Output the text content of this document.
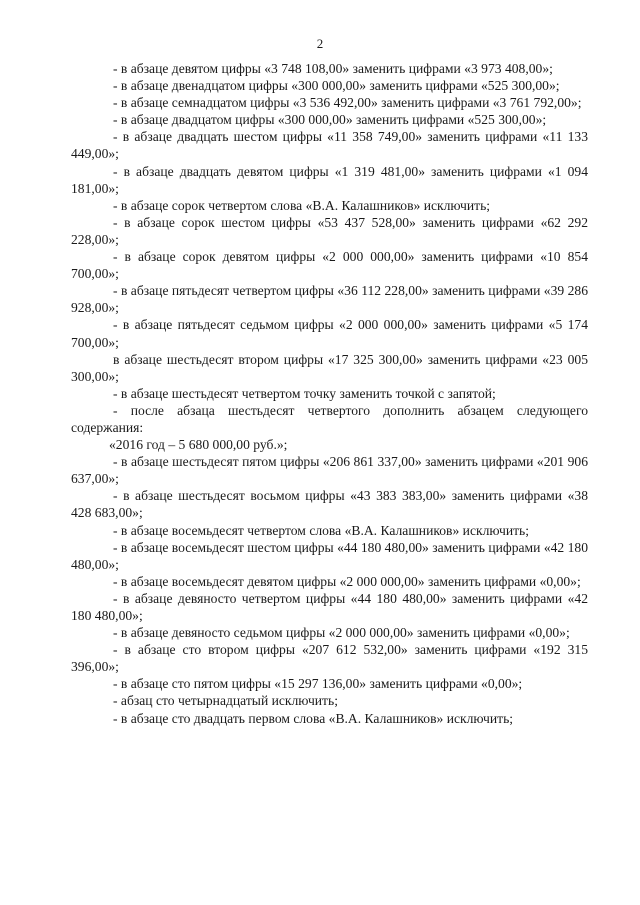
2

- в абзаце девятом цифры «3 748 108,00» заменить цифрами «3 973 408,00»;

- в абзаце двенадцатом цифры «300 000,00» заменить цифрами «525 300,00»;

- в абзаце семнадцатом цифры «3 536 492,00» заменить цифрами «3 761 792,00»;

- в абзаце двадцатом цифры «300 000,00» заменить цифрами «525 300,00»;

- в абзаце двадцать шестом цифры «11 358 749,00» заменить цифрами «11 133 449,00»;

- в абзаце двадцать девятом цифры «1 319 481,00» заменить цифрами «1 094 181,00»;

- в абзаце сорок четвертом слова «В.А. Калашников» исключить;

- в абзаце сорок шестом цифры «53 437 528,00» заменить цифрами «62 292 228,00»;

- в абзаце сорок девятом цифры «2 000 000,00» заменить цифрами «10 854 700,00»;

- в абзаце пятьдесят четвертом цифры «36 112 228,00» заменить цифрами «39 286 928,00»;

- в абзаце пятьдесят седьмом цифры «2 000 000,00» заменить цифрами «5 174 700,00»;

в абзаце шестьдесят втором цифры «17 325 300,00» заменить цифрами «23 005 300,00»;

- в абзаце шестьдесят четвертом точку заменить точкой с запятой;

- после абзаца шестьдесят четвертого дополнить абзацем следующего содержания:

«2016 год – 5 680 000,00 руб.»;

- в абзаце шестьдесят пятом цифры «206 861 337,00» заменить цифрами «201 906 637,00»;

- в абзаце шестьдесят восьмом цифры «43 383 383,00» заменить цифрами «38 428 683,00»;

- в абзаце восемьдесят четвертом слова «В.А. Калашников» исключить;

- в абзаце восемьдесят шестом цифры «44 180 480,00» заменить цифрами «42 180 480,00»;

- в абзаце восемьдесят девятом цифры «2 000 000,00» заменить цифрами «0,00»;

- в абзаце девяносто четвертом цифры «44 180 480,00» заменить цифрами «42 180 480,00»;

- в абзаце девяносто седьмом цифры «2 000 000,00» заменить цифрами «0,00»;

- в абзаце сто втором цифры «207 612 532,00» заменить цифрами «192 315 396,00»;

- в абзаце сто пятом цифры «15 297 136,00» заменить цифрами «0,00»;

- абзац сто четырнадцатый исключить;

- в абзаце сто двадцать первом слова «В.А. Калашников» исключить;
